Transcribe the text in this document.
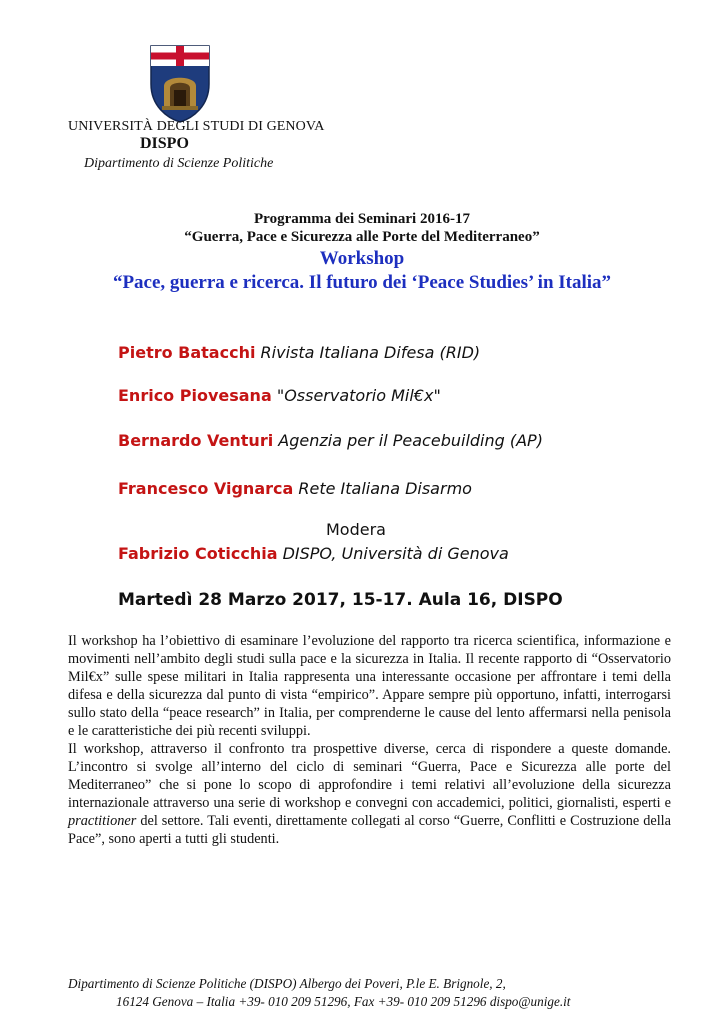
UNIVERSITÀ DEGLI STUDI DI GENOVA
DISPO
Dipartimento di Scienze Politiche
Programma dei Seminari 2016-17
“Guerra, Pace e Sicurezza alle Porte del Mediterraneo”
Workshop
“Pace, guerra e ricerca. Il futuro dei ‘Peace Studies’ in Italia”
Pietro Batacchi Rivista Italiana Difesa (RID)
Enrico Piovesana "Osservatorio Mil€x"
Bernardo Venturi Agenzia per il Peacebuilding (AP)
Francesco Vignarca Rete Italiana Disarmo
Modera
Fabrizio Coticchia DISPO, Università di Genova
Martedì 28 Marzo 2017, 15-17. Aula 16, DISPO

Il workshop ha l’obiettivo di esaminare l’evoluzione del rapporto tra ricerca scientifica, informazione e movimenti nell’ambito degli studi sulla pace e la sicurezza in Italia. Il recente rapporto di “Osservatorio Mil€x” sulle spese militari in Italia rappresenta una interessante occasione per affrontare i temi della difesa e della sicurezza dal punto di vista “empirico”. Appare sempre più opportuno, infatti, interrogarsi sullo stato della “peace research” in Italia, per comprenderne le cause del lento affermarsi nella penisola e le caratteristiche dei più recenti sviluppi.

Il workshop, attraverso il confronto tra prospettive diverse, cerca di rispondere a queste domande. L’incontro si svolge all’interno del ciclo di seminari “Guerra, Pace e Sicurezza alle porte del Mediterraneo” che si pone lo scopo di approfondire i temi relativi all’evoluzione della sicurezza internazionale attraverso una serie di workshop e convegni con accademici, politici, giornalisti, esperti e practitioner del settore. Tali eventi, direttamente collegati al corso “Guerre, Conflitti e Costruzione della Pace”, sono aperti a tutti gli studenti.

Dipartimento di Scienze Politiche (DISPO) Albergo dei Poveri, P.le E. Brignole, 2,
16124 Genova – Italia +39- 010 209 51296, Fax +39- 010 209 51296 dispo@unige.it
